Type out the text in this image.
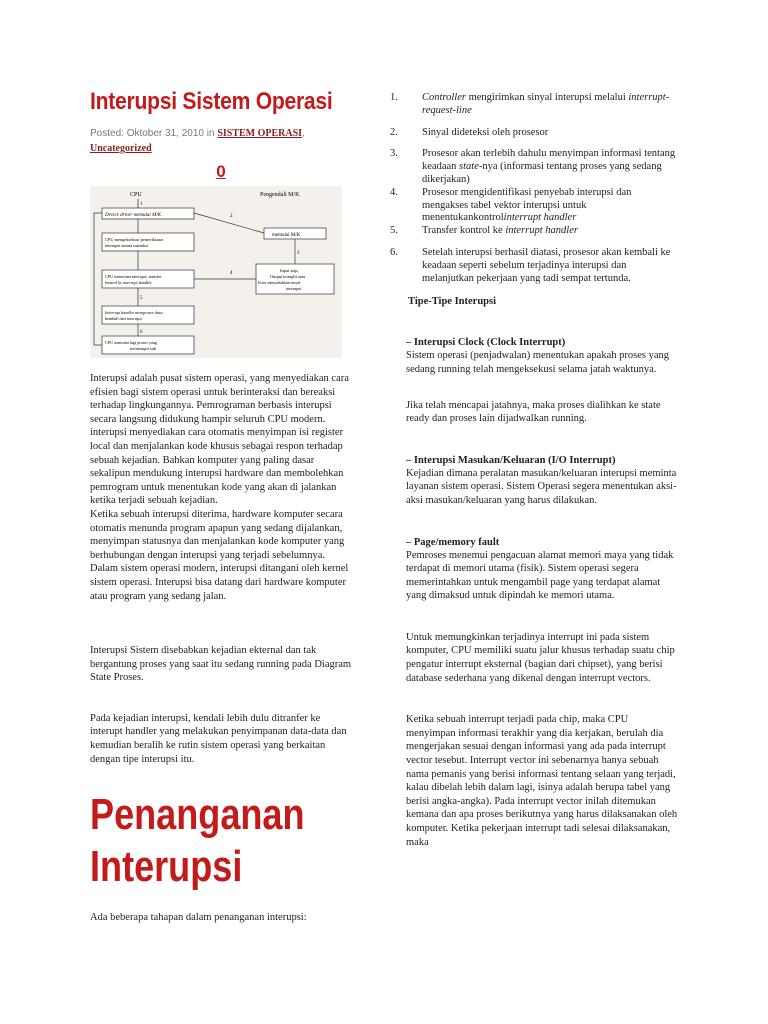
Interupsi Sistem Operasi
Posted: Oktober 31, 2010 in SISTEM OPERASI, Uncategorized
0
CPU	Pengendali M/K
1
Device driver memulai M/K	2
memulai M/K
CPU mengeksekusi pemeriksaan
interupsi antara instruksi
3
Input siap,
Output komplit atau
Error menyebabkan sinyal
interupsi
4
CPU menerima interupsi, transfer
kontrol ke interrupt handler
5
Interrupt handler memproses data,
kembali dari interupsi
6
CPU memulai lagi proses yang
terinterupsi tadi

Interupsi adalah pusat sistem operasi, yang menyediakan cara efisien bagi sistem operasi untuk berinteraksi dan bereaksi terhadap lingkungannya. Pemrograman berbasis interupsi secara langsung didukung hampir seluruh CPU modern. interupsi menyediakan cara otomatis menyimpan isi register local dan menjalankan kode khusus sebagai respon terhadap sebuah kejadian. Bahkan komputer yang paling dasar sekalipun mendukung interupsi hardware dan membolehkan pemrogram untuk menentukan kode yang akan di jalankan ketika terjadi sebuah kejadian.

Ketika sebuah interupsi diterima, hardware komputer secara otomatis menunda program apapun yang sedang dijalankan, menyimpan statusnya dan menjalankan kode komputer yang berhubungan dengan interupsi yang terjadi sebelumnya. Dalam sistem operasi modern, interupsi ditangani oleh kernel sistem operasi. Interupsi bisa datang dari hardware komputer atau program yang sedang jalan.

Interupsi Sistem disebabkan kejadian ekternal dan tak bergantung proses yang saat itu sedang running pada Diagram State Proses.

Pada kejadian interupsi, kendali lebih dulu ditranfer ke interupt handler yang melakukan penyimpanan data-data dan kemudian beralih ke rutin sistem operasi yang berkaitan dengan tipe interupsi itu.

Penanganan
Interupsi

Ada beberapa tahapan dalam penanganan interupsi:

1. Controller mengirimkan sinyal interupsi melalui interrupt-request-line
2. Sinyal dideteksi oleh prosesor
3. Prosesor akan terlebih dahulu menyimpan informasi tentang keadaan state-nya (informasi tentang proses yang sedang dikerjakan)
4. Prosesor mengidentifikasi penyebab interupsi dan mengakses tabel vektor interupsi untuk menentukankontrolinterrupt handler
5. Transfer kontrol ke interrupt handler
6. Setelah interupsi berhasil diatasi, prosesor akan kembali ke keadaan seperti sebelum terjadinya interupsi dan melanjutkan pekerjaan yang tadi sempat tertunda.
Tipe-Tipe Interupsi
– Interupsi Clock (Clock Interrupt)

Sistem operasi (penjadwalan) menentukan apakah proses yang sedang running telah mengeksekusi selama jatah waktunya.

Jika telah mencapai jatahnya, maka proses dialihkan ke state ready dan proses lain dijadwalkan running.

– Interupsi Masukan/Keluaran (I/O Interrupt)

Kejadian dimana peralatan masukan/keluaran interupsi meminta layanan sistem operasi. Sistem Operasi segera menentukan aksi-aksi masukan/keluaran yang harus dilakukan.

– Page/memory fault

Pemroses menemui pengacuan alamat memori maya yang tidak terdapat di memori utama (fisik). Sistem operasi segera memerintahkan untuk mengambil page yang terdapat alamat yang dimaksud untuk dipindah ke memori utama.

Untuk memungkinkan terjadinya interrupt ini pada sistem komputer, CPU memiliki suatu jalur khusus terhadap suatu chip pengatur interrupt eksternal (bagian dari chipset), yang berisi database sederhana yang dikenal dengan interrupt vectors.

Ketika sebuah interrupt terjadi pada chip, maka CPU menyimpan informasi terakhir yang dia kerjakan, berulah dia mengerjakan sesuai dengan informasi yang ada pada interrupt vector tesebut. Interrupt vector ini sebenarnya hanya sebuah nama pemanis yang berisi informasi tentang selaan yang terjadi, kalau dibelah lebih dalam lagi, isinya adalah berupa tabel yang berisi angka-angka). Pada interrupt vector inilah ditemukan kemana dan apa proses berikutnya yang harus dilaksanakan oleh komputer. Ketika pekerjaan interrupt tadi selesai dilaksanakan, maka
